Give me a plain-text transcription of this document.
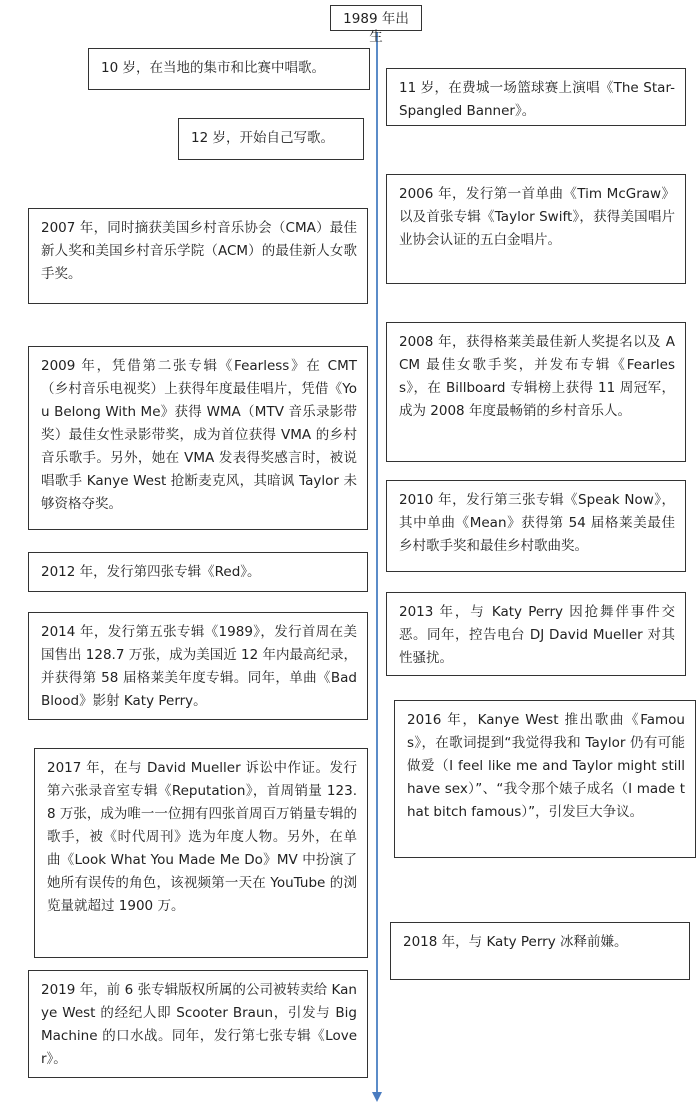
1989 年出生
10 岁，在当地的集市和比赛中唱歌。
12 岁，开始自己写歌。
2007 年，同时摘获美国乡村音乐协会（CMA）最佳新人奖和美国乡村音乐学院（ACM）的最佳新人女歌手奖。
2009 年，凭借第二张专辑《Fearless》在 CMT（乡村音乐电视奖）上获得年度最佳唱片，凭借《You Belong With Me》获得 WMA（MTV 音乐录影带奖）最佳女性录影带奖，成为首位获得 VMA 的乡村音乐歌手。另外，她在 VMA 发表得奖感言时，被说唱歌手 Kanye West 抢断麦克风，其暗讽 Taylor 未够资格夺奖。
2012 年，发行第四张专辑《Red》。
2014 年，发行第五张专辑《1989》，发行首周在美国售出 128.7 万张，成为美国近 12 年内最高纪录，并获得第 58 届格莱美年度专辑。同年，单曲《Bad Blood》影射 Katy Perry。
2017 年，在与 David Mueller 诉讼中作证。发行第六张录音室专辑《Reputation》，首周销量 123.8 万张，成为唯一一位拥有四张首周百万销量专辑的歌手，被《时代周刊》选为年度人物。另外，在单曲《Look What You Made Me Do》MV 中扮演了她所有误传的角色，该视频第一天在 YouTube 的浏览量就超过 1900 万。
2019 年，前 6 张专辑版权所属的公司被转卖给 Kanye West 的经纪人即 Scooter Braun，引发与 Big Machine 的口水战。同年，发行第七张专辑《Lover》。
11 岁，在费城一场篮球赛上演唱《The Star-Spangled Banner》。
2006 年，发行第一首单曲《Tim McGraw》以及首张专辑《Taylor Swift》，获得美国唱片业协会认证的五白金唱片。
2008 年，获得格莱美最佳新人奖提名以及 ACM 最佳女歌手奖，并发布专辑《Fearless》，在 Billboard 专辑榜上获得 11 周冠军，成为 2008 年度最畅销的乡村音乐人。
2010 年，发行第三张专辑《Speak Now》，其中单曲《Mean》获得第 54 届格莱美最佳乡村歌手奖和最佳乡村歌曲奖。
2013 年，与 Katy Perry 因抢舞伴事件交恶。同年，控告电台 DJ David Mueller 对其性骚扰。
2016 年，Kanye West 推出歌曲《Famous》，在歌词提到“我觉得我和 Taylor 仍有可能做爱（I feel like me and Taylor might still have sex）”、“我令那个婊子成名（I made that bitch famous）”，引发巨大争议。
2018 年，与 Katy Perry 冰释前嫌。
